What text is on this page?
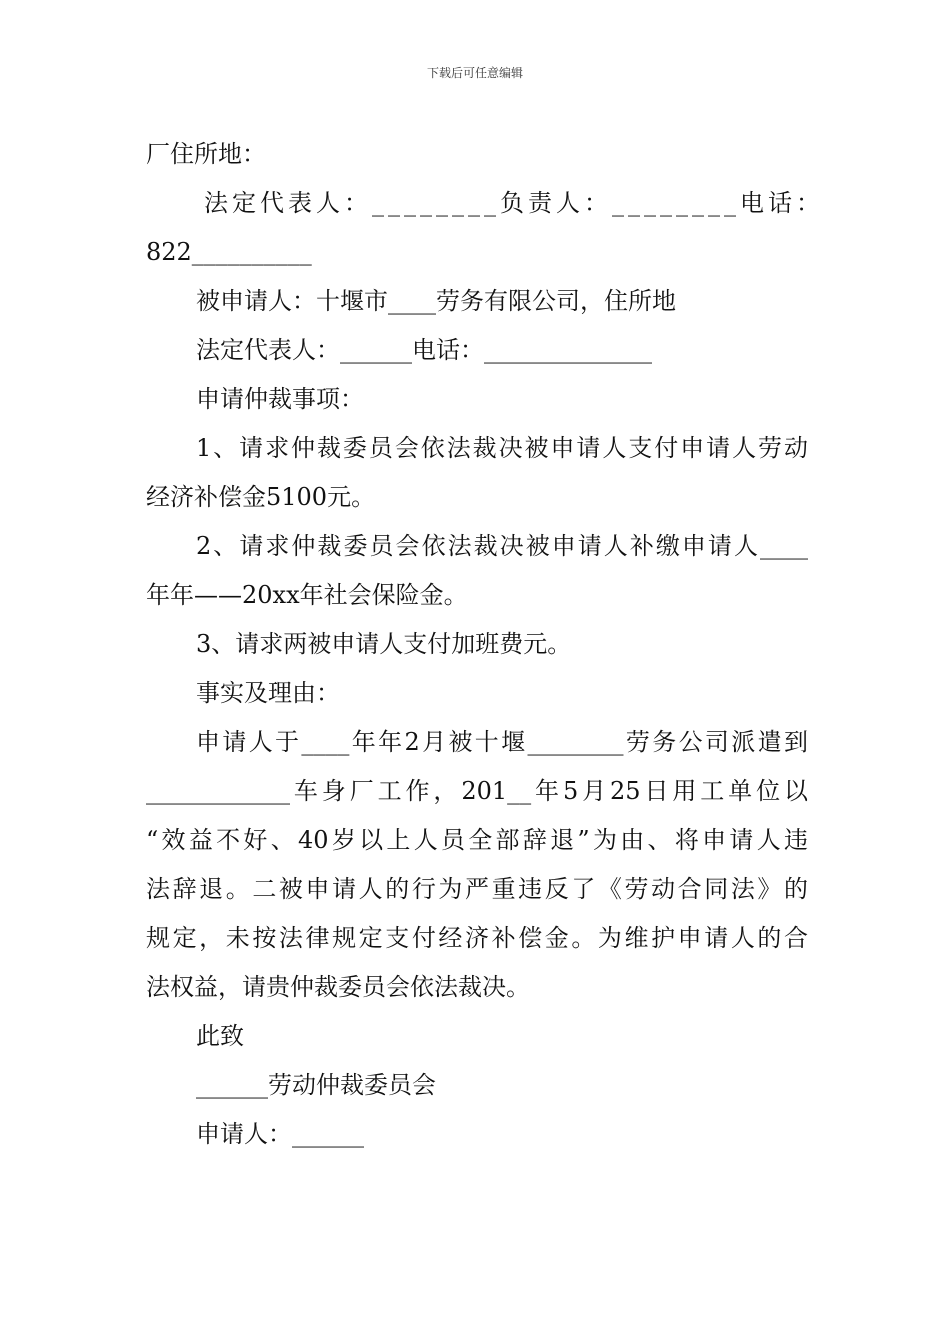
下载后可任意编辑

厂住所地：

法定代表人：________负责人：________电话：

822__________

被申请人：十堰市____劳务有限公司，住所地

法定代表人：______电话：______________

申请仲裁事项：

1、请求仲裁委员会依法裁决被申请人支付申请人劳动

经济补偿金5100元。

2、请求仲裁委员会依法裁决被申请人补缴申请人____

年年——20xx年社会保险金。

3、请求两被申请人支付加班费元。

事实及理由：

申请人于____年年2月被十堰________劳务公司派遣到

____________车身厂工作，201__年5月25日用工单位以

“效益不好、40岁以上人员全部辞退”为由、将申请人违

法辞退。二被申请人的行为严重违反了《劳动合同法》的

规定，未按法律规定支付经济补偿金。为维护申请人的合

法权益，请贵仲裁委员会依法裁决。

此致

______劳动仲裁委员会

申请人：______
